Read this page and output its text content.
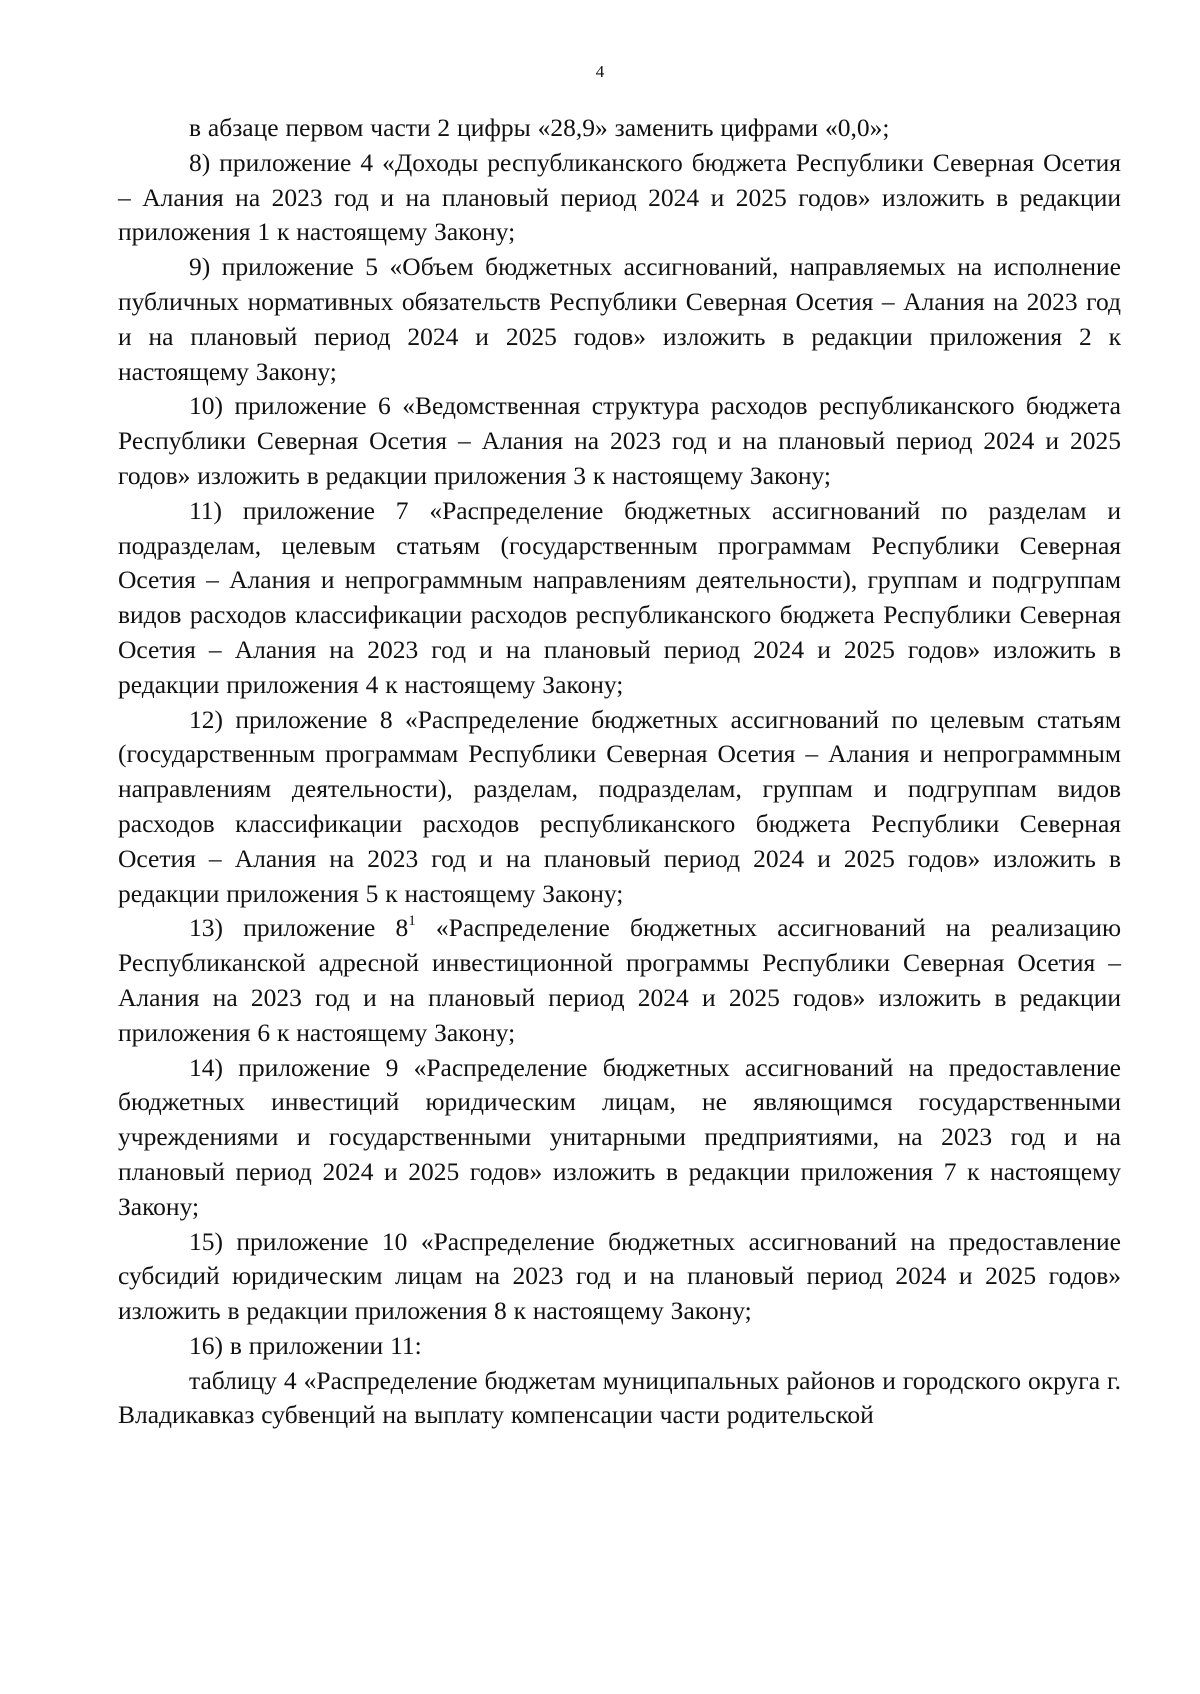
4

в абзаце первом части 2 цифры «28,9» заменить цифрами «0,0»;

8) приложение 4 «Доходы республиканского бюджета Республики Северная Осетия – Алания на 2023 год и на плановый период 2024 и 2025 годов» изложить в редакции приложения 1 к настоящему Закону;

9) приложение 5 «Объем бюджетных ассигнований, направляемых на исполнение публичных нормативных обязательств Республики Северная Осетия – Алания на 2023 год и на плановый период 2024 и 2025 годов» изложить в редакции приложения 2 к настоящему Закону;

10) приложение 6 «Ведомственная структура расходов республиканского бюджета Республики Северная Осетия – Алания на 2023 год и на плановый период 2024 и 2025 годов» изложить в редакции приложения 3 к настоящему Закону;

11) приложение 7 «Распределение бюджетных ассигнований по разделам и подразделам, целевым статьям (государственным программам Республики Северная Осетия – Алания и непрограммным направлениям деятельности), группам и подгруппам видов расходов классификации расходов республиканского бюджета Республики Северная Осетия – Алания на 2023 год и на плановый период 2024 и 2025 годов» изложить в редакции приложения 4 к настоящему Закону;

12) приложение 8 «Распределение бюджетных ассигнований по целевым статьям (государственным программам Республики Северная Осетия – Алания и непрограммным направлениям деятельности), разделам, подразделам, группам и подгруппам видов расходов классификации расходов республиканского бюджета Республики Северная Осетия – Алания на 2023 год и на плановый период 2024 и 2025 годов» изложить в редакции приложения 5 к настоящему Закону;

13) приложение $8^1$ «Распределение бюджетных ассигнований на реализацию Республиканской адресной инвестиционной программы Республики Северная Осетия – Алания на 2023 год и на плановый период 2024 и 2025 годов» изложить в редакции приложения 6 к настоящему Закону;

14) приложение 9 «Распределение бюджетных ассигнований на предоставление бюджетных инвестиций юридическим лицам, не являющимся государственными учреждениями и государственными унитарными предприятиями, на 2023 год и на плановый период 2024 и 2025 годов» изложить в редакции приложения 7 к настоящему Закону;

15) приложение 10 «Распределение бюджетных ассигнований на предоставление субсидий юридическим лицам на 2023 год и на плановый период 2024 и 2025 годов» изложить в редакции приложения 8 к настоящему Закону;

16) в приложении 11:

таблицу 4 «Распределение бюджетам муниципальных районов и городского округа г. Владикавказ субвенций на выплату компенсации части родительской
